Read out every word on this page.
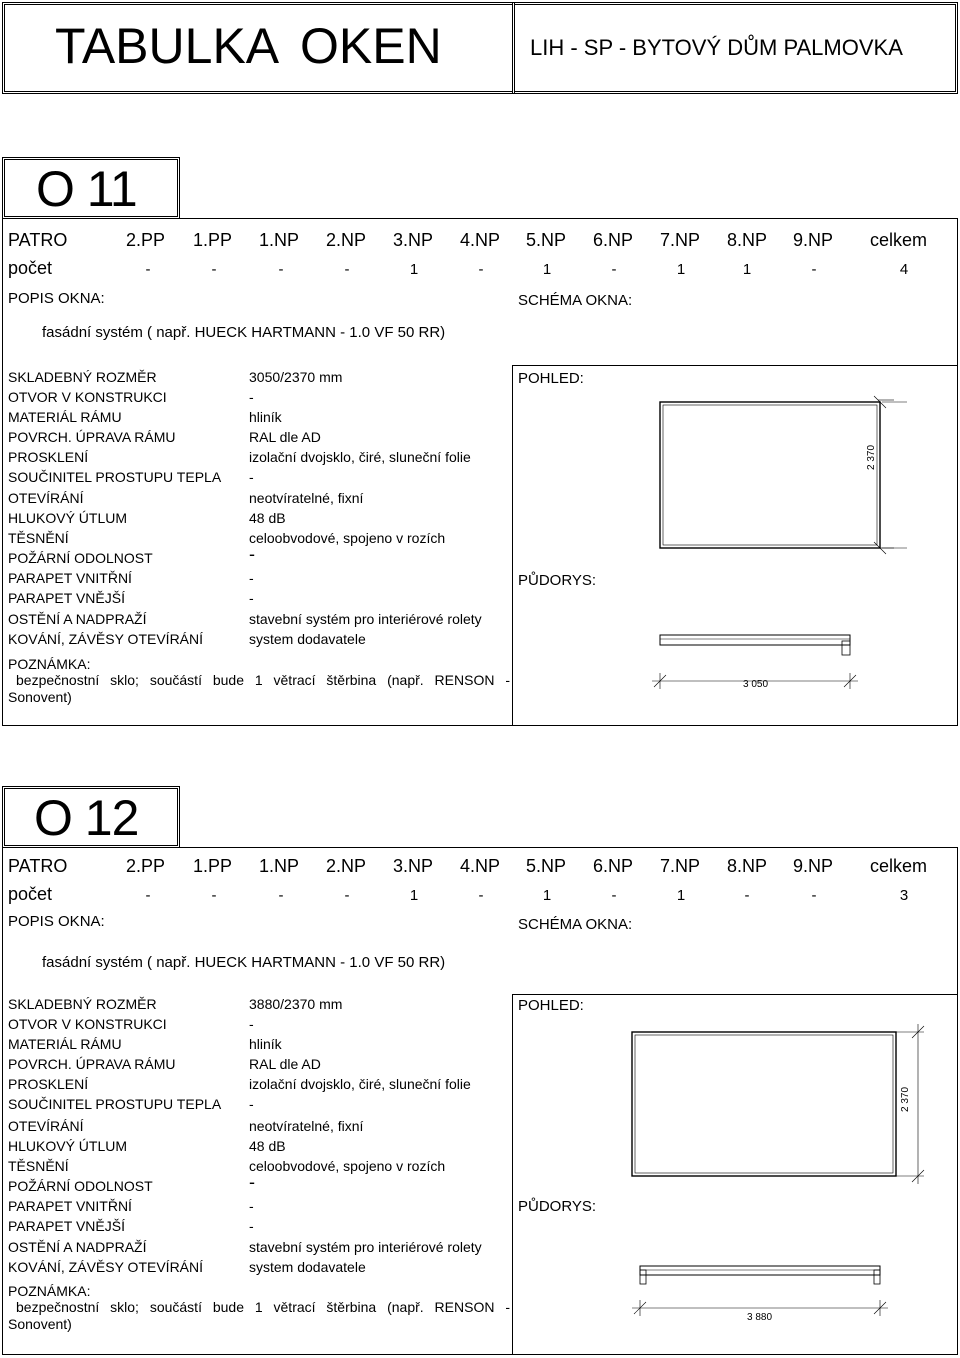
TABULKA OKEN	LIH - SP - BYTOVÝ DŮM PALMOVKA
O 11
PATRO	2.PP 1.PP 1.NP 2.NP 3.NP 4.NP 5.NP 6.NP 7.NP 8.NP 9.NP celkem
počet	-	-	-	-	1	-	1	-	1	1	-	4
POPIS OKNA:	SCHÉMA OKNA:
fasádní systém ( např. HUECK HARTMANN - 1.0 VF 50 RR)
SKLADEBNÝ ROZMĚR	3050/2370 mm
OTVOR V KONSTRUKCI	-
MATERIÁL RÁMU	hliník
POVRCH. ÚPRAVA RÁMU	RAL dle AD
PROSKLENÍ	izolační dvojsklo, čiré, sluneční folie
SOUČINITEL PROSTUPU TEPLA -
OTEVÍRÁNÍ	neotvíratelné, fixní
HLUKOVÝ ÚTLUM	48 dB
TĚSNĚNÍ	celoobvodové, spojeno v rozích
POŽÁRNÍ ODOLNOST	-
PARAPET VNITŘNÍ	-
PARAPET VNĚJŠÍ	-
OSTĚNÍ A NADPRAŽÍ	stavební systém pro interiérové rolety
KOVÁNÍ, ZÁVĚSY OTEVÍRÁNÍ	system dodavatele
POZNÁMKA:
bezpečnostní sklo; součástí bude 1 větrací štěrbina (např. RENSON - Sonovent)
POHLED:
PŮDORYS:
2 370
3 050
O 12
PATRO	2.PP 1.PP 1.NP 2.NP 3.NP 4.NP 5.NP 6.NP 7.NP 8.NP 9.NP celkem
počet	-	-	-	-	1	-	1	-	1	-	-	3
POPIS OKNA:	SCHÉMA OKNA:
fasádní systém ( např. HUECK HARTMANN - 1.0 VF 50 RR)
SKLADEBNÝ ROZMĚR	3880/2370 mm
OTVOR V KONSTRUKCI	-
MATERIÁL RÁMU	hliník
POVRCH. ÚPRAVA RÁMU	RAL dle AD
PROSKLENÍ	izolační dvojsklo, čiré, sluneční folie
SOUČINITEL PROSTUPU TEPLA -
OTEVÍRÁNÍ	neotvíratelné, fixní
HLUKOVÝ ÚTLUM	48 dB
TĚSNĚNÍ	celoobvodové, spojeno v rozích
POŽÁRNÍ ODOLNOST	-
PARAPET VNITŘNÍ	-
PARAPET VNĚJŠÍ	-
OSTĚNÍ A NADPRAŽÍ	stavební systém pro interiérové rolety
KOVÁNÍ, ZÁVĚSY OTEVÍRÁNÍ	system dodavatele
POZNÁMKA:
bezpečnostní sklo; součástí bude 1 větrací štěrbina (např. RENSON - Sonovent)
POHLED:
PŮDORYS:
2 370
3 880
